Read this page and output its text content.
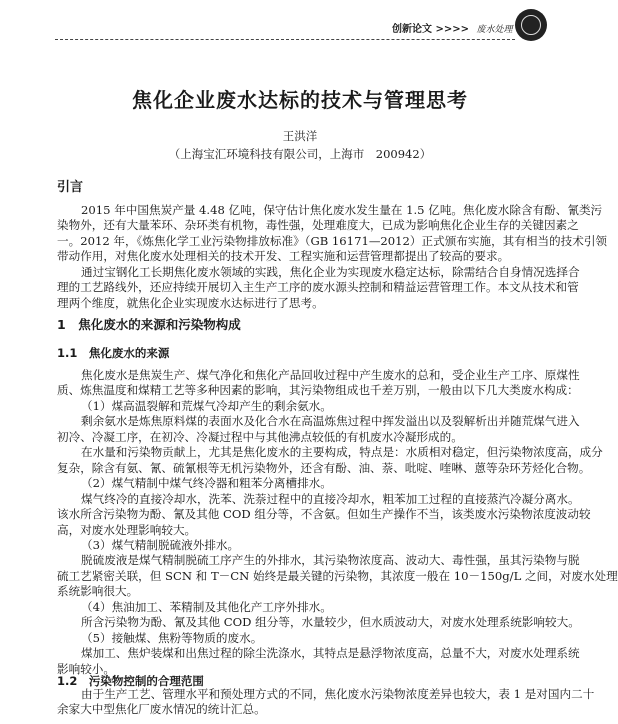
创新论文 >>>> 废水处理
焦化企业废水达标的技术与管理思考
王洪洋
（上海宝汇环境科技有限公司，上海市　200942）
引言
2015 年中国焦炭产量 4.48 亿吨，保守估计焦化废水发生量在 1.5 亿吨。焦化废水除含有酚、氰类污
染物外，还有大量苯环、杂环类有机物，毒性强，处理难度大，已成为影响焦化企业生存的关键因素之
一。2012 年，《炼焦化学工业污染物排放标准》（GB 16171—2012）正式颁布实施，其有相当的技术引领
带动作用，对焦化废水处理相关的技术开发、工程实施和运营管理都提出了较高的要求。
通过宝钢化工长期焦化废水领域的实践，焦化企业为实现废水稳定达标，除需结合自身情况选择合
理的工艺路线外，还应持续开展切入主生产工序的废水源头控制和精益运营管理工作。本文从技术和管
理两个维度，就焦化企业实现废水达标进行了思考。
1　焦化废水的来源和污染物构成
1.1　焦化废水的来源
焦化废水是焦炭生产、煤气净化和焦化产品回收过程中产生废水的总和，受企业生产工序、原煤性
质、炼焦温度和煤精工艺等多种因素的影响，其污染物组成也千差万别，一般由以下几大类废水构成：
（1）煤高温裂解和荒煤气冷却产生的剩余氨水。
剩余氨水是炼焦原料煤的表面水及化合水在高温炼焦过程中挥发溢出以及裂解析出并随荒煤气进入
初冷、冷凝工序，在初冷、冷凝过程中与其他沸点较低的有机废水冷凝形成的。
在水量和污染物贡献上，尤其是焦化废水的主要构成，特点是：水质相对稳定，但污染物浓度高，成分
复杂，除含有氨、氰、硫氰根等无机污染物外，还含有酚、油、萘、吡啶、喹啉、蒽等杂环芳烃化合物。
（2）煤气精制中煤气终冷器和粗苯分离槽排水。
煤气终冷的直接冷却水，洗苯、洗萘过程中的直接冷却水，粗苯加工过程的直接蒸汽冷凝分离水。
该水所含污染物为酚、氰及其他 COD 组分等，不含氨。但如生产操作不当，该类废水污染物浓度波动较
高，对废水处理影响较大。
（3）煤气精制脱硫液外排水。
脱硫废液是煤气精制脱硫工序产生的外排水，其污染物浓度高、波动大、毒性强，虽其污染物与脱
硫工艺紧密关联，但 SCN 和 T－CN 始终是最关键的污染物，其浓度一般在 10－150g/L 之间，对废水处理
系统影响很大。
（4）焦油加工、苯精制及其他化产工序外排水。
所含污染物为酚、氰及其他 COD 组分等，水量较少，但水质波动大，对废水处理系统影响较大。
（5）接触煤、焦粉等物质的废水。
煤加工、焦炉装煤和出焦过程的除尘洗涤水，其特点是悬浮物浓度高，总量不大，对废水处理系统
影响较小。
1.2　污染物控制的合理范围
由于生产工艺、管理水平和预处理方式的不同，焦化废水污染物浓度差异也较大，表 1 是对国内二十
余家大中型焦化厂废水情况的统计汇总。
